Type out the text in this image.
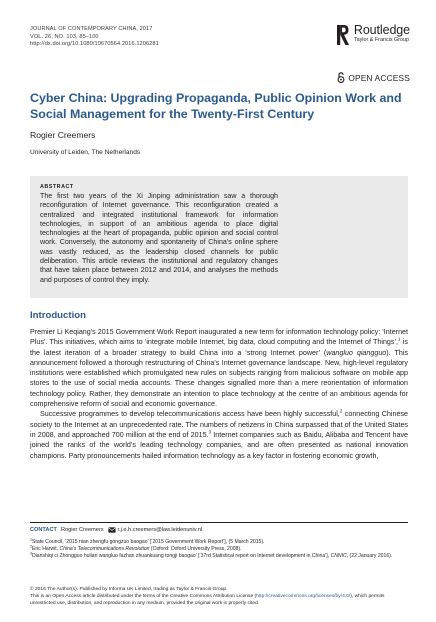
JOURNAL OF CONTEMPORARY CHINA, 2017
VOL. 26, NO. 103, 85–100
http://dx.doi.org/10.1080/10670564.2016.1206281
Routledge
Taylor & Francis Group
OPEN ACCESS
Cyber China: Upgrading Propaganda, Public Opinion Work and Social Management for the Twenty-First Century
Rogier Creemers
University of Leiden, The Netherlands
ABSTRACT
The first two years of the Xi Jinping administration saw a thorough reconfiguration of Internet governance. This reconfiguration created a centralized and integrated institutional framework for information technologies, in support of an ambitious agenda to place digital technologies at the heart of propaganda, public opinion and social control work. Conversely, the autonomy and spontaneity of China’s online sphere was vastly reduced, as the leadership closed channels for public deliberation. This article reviews the institutional and regulatory changes that have taken place between 2012 and 2014, and analyses the methods and purposes of control they imply.
Introduction

Premier Li Keqiang’s 2015 Government Work Report inaugurated a new term for information technology policy: ‘Internet Plus’. This initiatives, which aims to ‘integrate mobile Internet, big data, cloud computing and the Internet of Things’,$^1$ is the latest iteration of a broader strategy to build China into a ‘strong Internet power’ (wangluo qiangguo). This announcement followed a thorough restructuring of China’s Internet governance landscape. New, high-level regulatory institutions were established which promulgated new rules on subjects ranging from malicious software on mobile app stores to the use of social media accounts. These changes signalled more than a mere reorientation of information technology policy. Rather, they demonstrate an intention to place technology at the centre of an ambitious agenda for comprehensive reform of social and economic governance.

Successive programmes to develop telecommunications access have been highly successful,$^2$ connecting Chinese society to the Internet at an unprecedented rate. The numbers of netizens in China surpassed that of the United States in 2008, and approached 700 million at the end of 2015.$^3$ Internet companies such as Baidu, Alibaba and Tencent have joined the ranks of the world’s leading technology companies, and are often presented as national innovation champions. Party pronouncements hailed information technology as a key factor in fostering economic growth,

CONTACT Rogier Creemers	r.j.e.h.creemers@law.leidenuniv.nl
$^1$State Council, ‘2015 nian zhengfu gongzuo baogao’ [‘2015 Government Work Report’], (5 March 2015).
$^2$Eric Harwit, China’s Telecommunications Revolution (Oxford: Oxford University Press, 2008).
$^3$Dianshiqi ci Zhongguo hulian wangluo fazhan zhuankuang tongji baogao’ [‘37rd Statistical report on Internet development in China’], CNNIC, (22 January 2016).
© 2016 The Author(s). Published by Informa UK Limited, trading as Taylor & Francis Group.
This is an Open Access article distributed under the terms of the Creative Commons Attribution License (http://creativecommons.org/licenses/by/4.0/), which permits unrestricted use, distribution, and reproduction in any medium, provided the original work is properly cited.
